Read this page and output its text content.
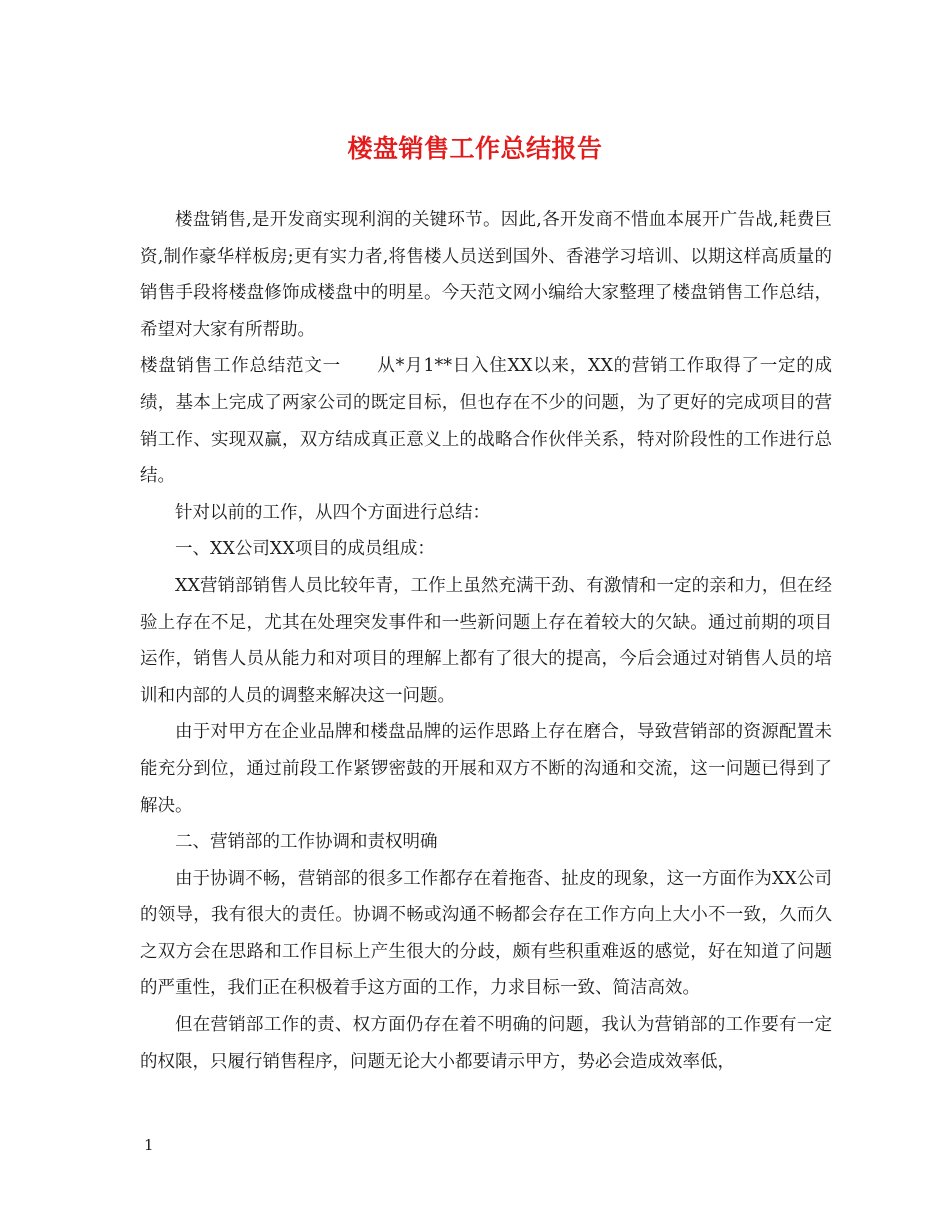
楼盘销售工作总结报告

楼盘销售,是开发商实现利润的关键环节。因此,各开发商不惜血本展开广告战,耗费巨资,制作豪华样板房;更有实力者,将售楼人员送到国外、香港学习培训、以期这样高质量的销售手段将楼盘修饰成楼盘中的明星。今天范文网小编给大家整理了楼盘销售工作总结，希望对大家有所帮助。

楼盘销售工作总结范文一　　从*月1**日入住XX以来，XX的营销工作取得了一定的成绩，基本上完成了两家公司的既定目标，但也存在不少的问题，为了更好的完成项目的营销工作、实现双赢，双方结成真正意义上的战略合作伙伴关系，特对阶段性的工作进行总结。

针对以前的工作，从四个方面进行总结：

一、XX公司XX项目的成员组成：

XX营销部销售人员比较年青，工作上虽然充满干劲、有激情和一定的亲和力，但在经验上存在不足，尤其在处理突发事件和一些新问题上存在着较大的欠缺。通过前期的项目运作，销售人员从能力和对项目的理解上都有了很大的提高，今后会通过对销售人员的培训和内部的人员的调整来解决这一问题。

由于对甲方在企业品牌和楼盘品牌的运作思路上存在磨合，导致营销部的资源配置未能充分到位，通过前段工作紧锣密鼓的开展和双方不断的沟通和交流，这一问题已得到了解决。

二、营销部的工作协调和责权明确

由于协调不畅，营销部的很多工作都存在着拖沓、扯皮的现象，这一方面作为XX公司的领导，我有很大的责任。协调不畅或沟通不畅都会存在工作方向上大小不一致，久而久之双方会在思路和工作目标上产生很大的分歧，颇有些积重难返的感觉，好在知道了问题的严重性，我们正在积极着手这方面的工作，力求目标一致、简洁高效。

但在营销部工作的责、权方面仍存在着不明确的问题，我认为营销部的工作要有一定的权限，只履行销售程序，问题无论大小都要请示甲方，势必会造成效率低，

1
